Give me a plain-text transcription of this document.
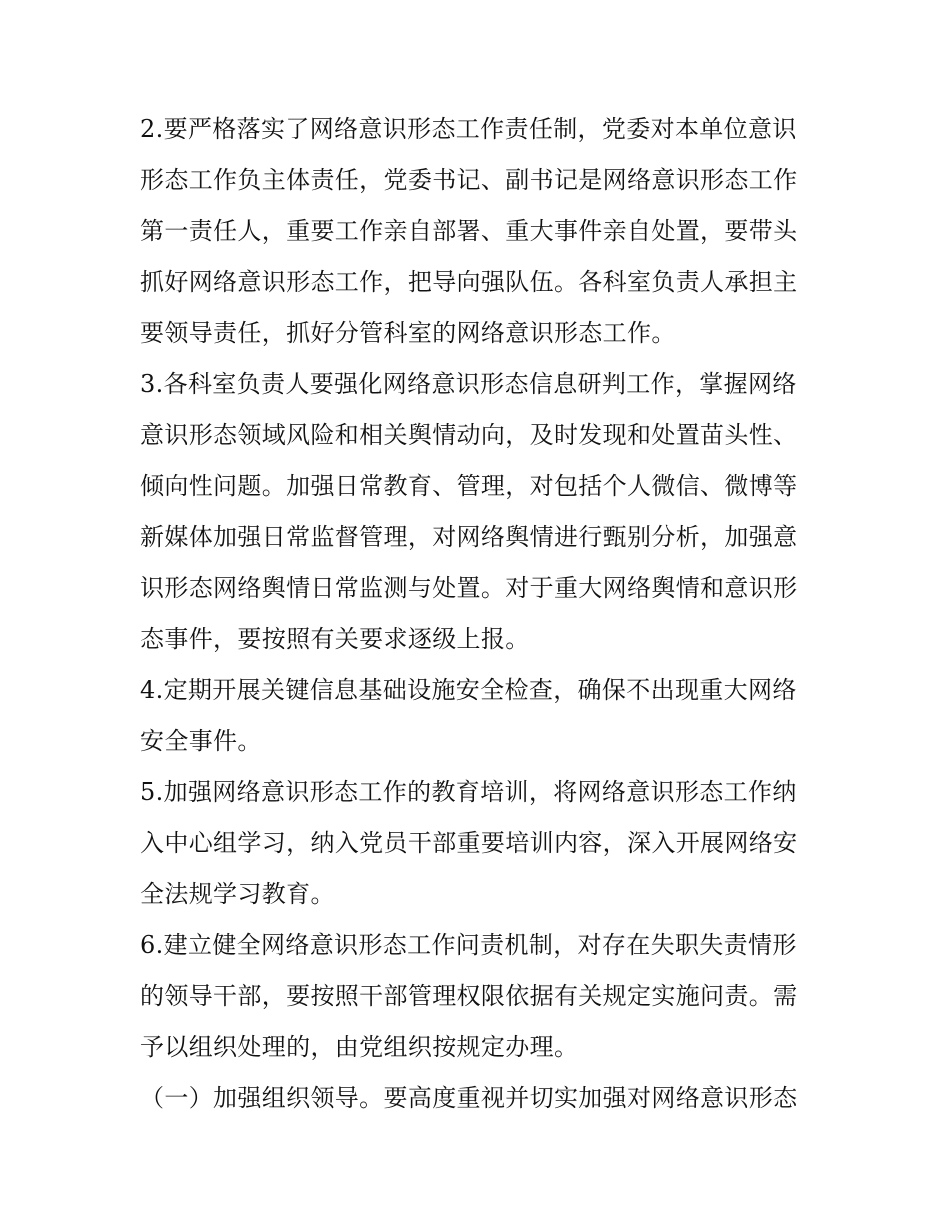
2.要严格落实了网络意识形态工作责任制，党委对本单位意识
形态工作负主体责任，党委书记、副书记是网络意识形态工作
第一责任人，重要工作亲自部署、重大事件亲自处置，要带头
抓好网络意识形态工作，把导向强队伍。各科室负责人承担主
要领导责任，抓好分管科室的网络意识形态工作。
3.各科室负责人要强化网络意识形态信息研判工作，掌握网络
意识形态领域风险和相关舆情动向，及时发现和处置苗头性、
倾向性问题。加强日常教育、管理，对包括个人微信、微博等
新媒体加强日常监督管理，对网络舆情进行甄别分析，加强意
识形态网络舆情日常监测与处置。对于重大网络舆情和意识形
态事件，要按照有关要求逐级上报。
4.定期开展关键信息基础设施安全检查，确保不出现重大网络
安全事件。
5.加强网络意识形态工作的教育培训，将网络意识形态工作纳
入中心组学习，纳入党员干部重要培训内容，深入开展网络安
全法规学习教育。
6.建立健全网络意识形态工作问责机制，对存在失职失责情形
的领导干部，要按照干部管理权限依据有关规定实施问责。需
予以组织处理的，由党组织按规定办理。
（一）加强组织领导。要高度重视并切实加强对网络意识形态
